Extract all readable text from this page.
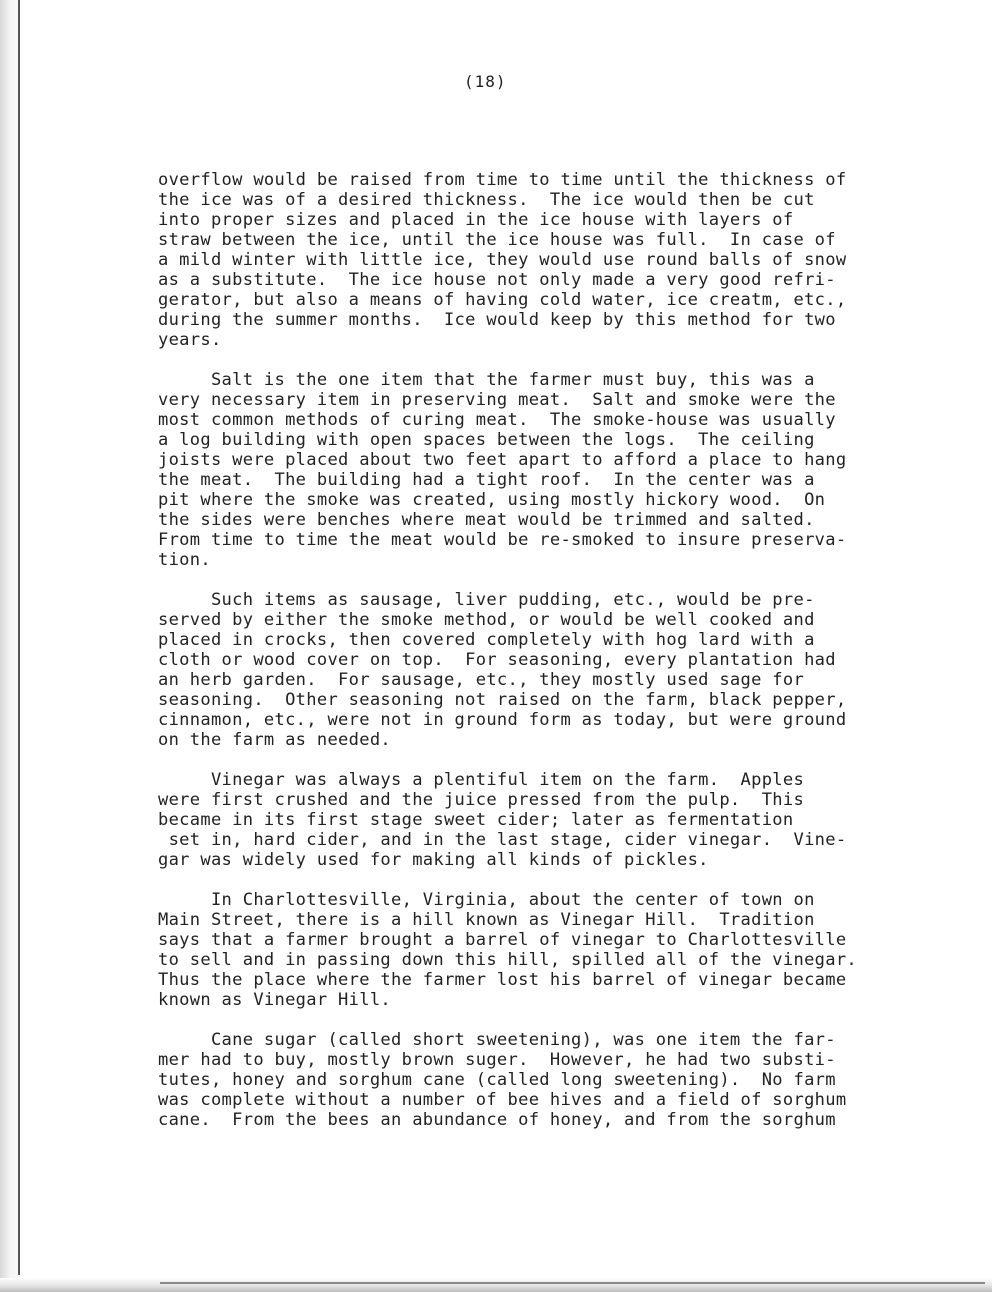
(18)
overflow would be raised from time to time until the thickness of
the ice was of a desired thickness.  The ice would then be cut
into proper sizes and placed in the ice house with layers of
straw between the ice, until the ice house was full.  In case of
a mild winter with little ice, they would use round balls of snow
as a substitute.  The ice house not only made a very good refri-
gerator, but also a means of having cold water, ice creatm, etc.,
during the summer months.  Ice would keep by this method for two
years.
Salt is the one item that the farmer must buy, this was a
very necessary item in preserving meat.  Salt and smoke were the
most common methods of curing meat.  The smoke-house was usually
a log building with open spaces between the logs.  The ceiling
joists were placed about two feet apart to afford a place to hang
the meat.  The building had a tight roof.  In the center was a
pit where the smoke was created, using mostly hickory wood.  On
the sides were benches where meat would be trimmed and salted.
From time to time the meat would be re-smoked to insure preserva-
tion.
Such items as sausage, liver pudding, etc., would be pre-
served by either the smoke method, or would be well cooked and
placed in crocks, then covered completely with hog lard with a
cloth or wood cover on top.  For seasoning, every plantation had
an herb garden.  For sausage, etc., they mostly used sage for
seasoning.  Other seasoning not raised on the farm, black pepper,
cinnamon, etc., were not in ground form as today, but were ground
on the farm as needed.
Vinegar was always a plentiful item on the farm.  Apples
were first crushed and the juice pressed from the pulp.  This
became in its first stage sweet cider; later as fermentation
set in, hard cider, and in the last stage, cider vinegar.  Vine-
gar was widely used for making all kinds of pickles.
In Charlottesville, Virginia, about the center of town on
Main Street, there is a hill known as Vinegar Hill.  Tradition
says that a farmer brought a barrel of vinegar to Charlottesville
to sell and in passing down this hill, spilled all of the vinegar.
Thus the place where the farmer lost his barrel of vinegar became
known as Vinegar Hill.
Cane sugar (called short sweetening), was one item the far-
mer had to buy, mostly brown suger.  However, he had two substi-
tutes, honey and sorghum cane (called long sweetening).  No farm
was complete without a number of bee hives and a field of sorghum
cane.  From the bees an abundance of honey, and from the sorghum
